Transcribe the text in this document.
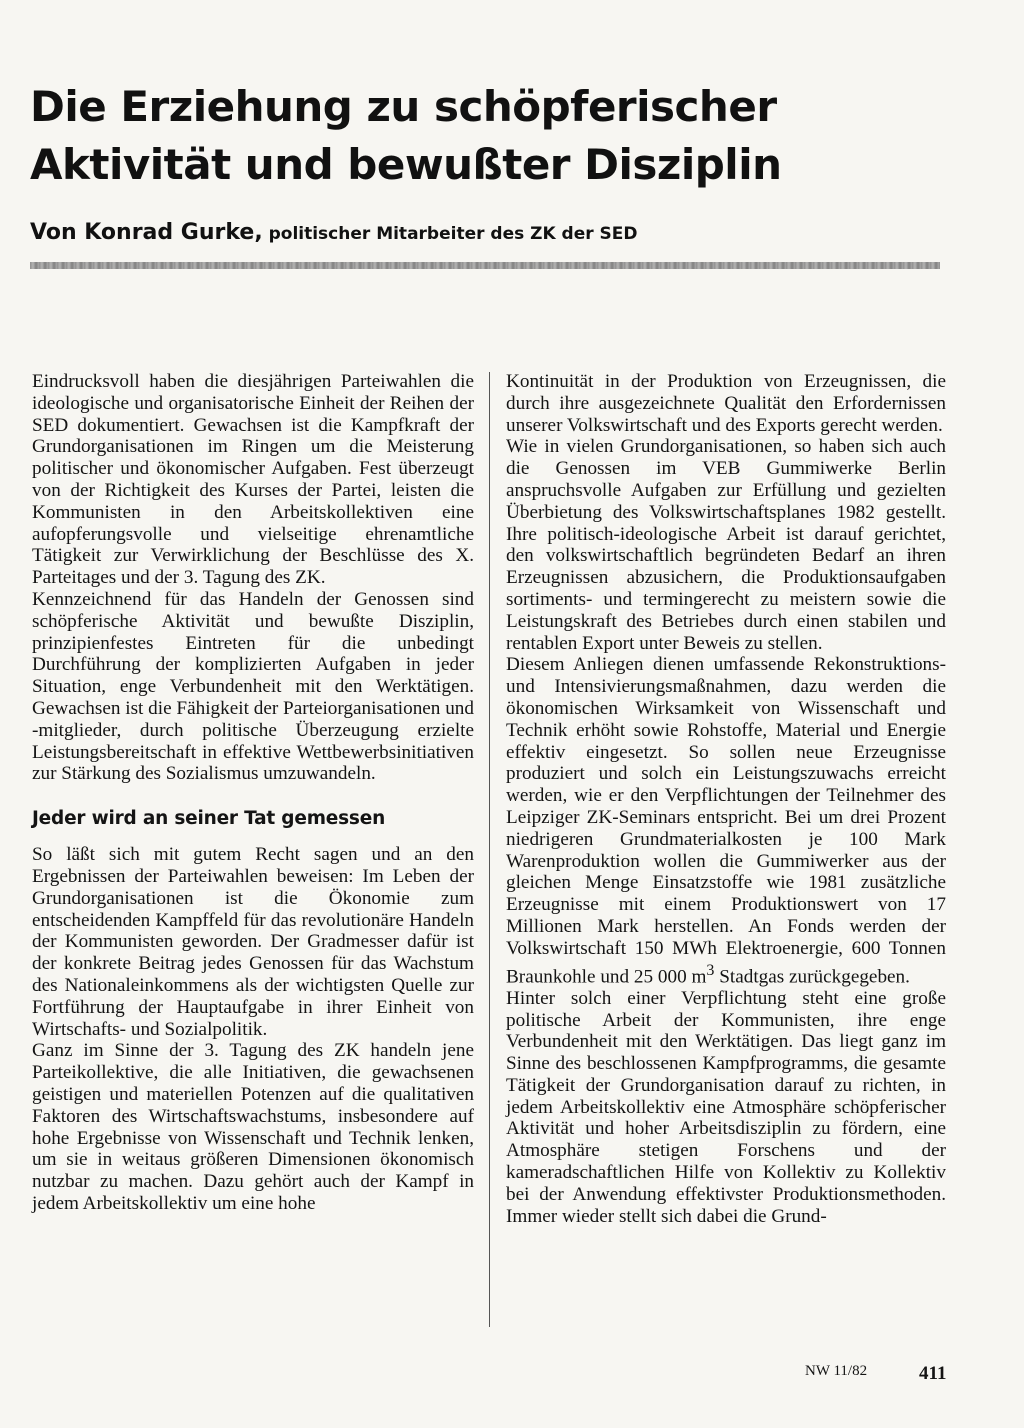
Die Erziehung zu schöpferischer
Aktivität und bewußter Disziplin
Von Konrad Gurke, politischer Mitarbeiter des ZK der SED

Eindrucksvoll haben die diesjährigen Parteiwahlen die ideologische und organisatorische Einheit der Reihen der SED dokumentiert. Gewachsen ist die Kampfkraft der Grundorganisationen im Ringen um die Meisterung politischer und ökonomischer Aufgaben. Fest überzeugt von der Richtigkeit des Kurses der Partei, leisten die Kommunisten in den Arbeitskollektiven eine aufopferungsvolle und vielseitige ehrenamtliche Tätigkeit zur Verwirklichung der Beschlüsse des X. Parteitages und der 3. Tagung des ZK.

Kennzeichnend für das Handeln der Genossen sind schöpferische Aktivität und bewußte Disziplin, prinzipienfestes Eintreten für die unbedingt Durchführung der komplizierten Aufgaben in jeder Situation, enge Verbundenheit mit den Werktätigen. Gewachsen ist die Fähigkeit der Parteiorganisationen und -mitglieder, durch politische Überzeugung erzielte Leistungsbereitschaft in effektive Wettbewerbsinitiativen zur Stärkung des Sozialismus umzuwandeln.

Jeder wird an seiner Tat gemessen

So läßt sich mit gutem Recht sagen und an den Ergebnissen der Parteiwahlen beweisen: Im Leben der Grundorganisationen ist die Ökonomie zum entscheidenden Kampffeld für das revolutionäre Handeln der Kommunisten geworden. Der Gradmesser dafür ist der konkrete Beitrag jedes Genossen für das Wachstum des Nationaleinkommens als der wichtigsten Quelle zur Fortführung der Hauptaufgabe in ihrer Einheit von Wirtschafts- und Sozialpolitik.

Ganz im Sinne der 3. Tagung des ZK handeln jene Parteikollektive, die alle Initiativen, die gewachsenen geistigen und materiellen Potenzen auf die qualitativen Faktoren des Wirtschaftswachstums, insbesondere auf hohe Ergebnisse von Wissenschaft und Technik lenken, um sie in weitaus größeren Dimensionen ökonomisch nutzbar zu machen. Dazu gehört auch der Kampf in jedem Arbeitskollektiv um eine hohe

Kontinuität in der Produktion von Erzeugnissen, die durch ihre ausgezeichnete Qualität den Erfordernissen unserer Volkswirtschaft und des Exports gerecht werden.

Wie in vielen Grundorganisationen, so haben sich auch die Genossen im VEB Gummiwerke Berlin anspruchsvolle Aufgaben zur Erfüllung und gezielten Überbietung des Volkswirtschaftsplanes 1982 gestellt. Ihre politisch-ideologische Arbeit ist darauf gerichtet, den volkswirtschaftlich begründeten Bedarf an ihren Erzeugnissen abzusichern, die Produktionsaufgaben sortiments- und termingerecht zu meistern sowie die Leistungskraft des Betriebes durch einen stabilen und rentablen Export unter Beweis zu stellen.

Diesem Anliegen dienen umfassende Rekonstruktions- und Intensivierungsmaßnahmen, dazu werden die ökonomischen Wirksamkeit von Wissenschaft und Technik erhöht sowie Rohstoffe, Material und Energie effektiv eingesetzt. So sollen neue Erzeugnisse produziert und solch ein Leistungszuwachs erreicht werden, wie er den Verpflichtungen der Teilnehmer des Leipziger ZK-Seminars entspricht. Bei um drei Prozent niedrigeren Grundmaterialkosten je 100 Mark Warenproduktion wollen die Gummiwerker aus der gleichen Menge Einsatzstoffe wie 1981 zusätzliche Erzeugnisse mit einem Produktionswert von 17 Millionen Mark herstellen. An Fonds werden der Volkswirtschaft 150 MWh Elektroenergie, 600 Tonnen Braunkohle und 25 000 $m^3$ Stadtgas zurückgegeben.

Hinter solch einer Verpflichtung steht eine große politische Arbeit der Kommunisten, ihre enge Verbundenheit mit den Werktätigen. Das liegt ganz im Sinne des beschlossenen Kampfprogramms, die gesamte Tätigkeit der Grundorganisation darauf zu richten, in jedem Arbeitskollektiv eine Atmosphäre schöpferischer Aktivität und hoher Arbeitsdisziplin zu fördern, eine Atmosphäre stetigen Forschens und der kameradschaftlichen Hilfe von Kollektiv zu Kollektiv bei der Anwendung effektivster Produktionsmethoden. Immer wieder stellt sich dabei die Grund-

NW 11/82	411
